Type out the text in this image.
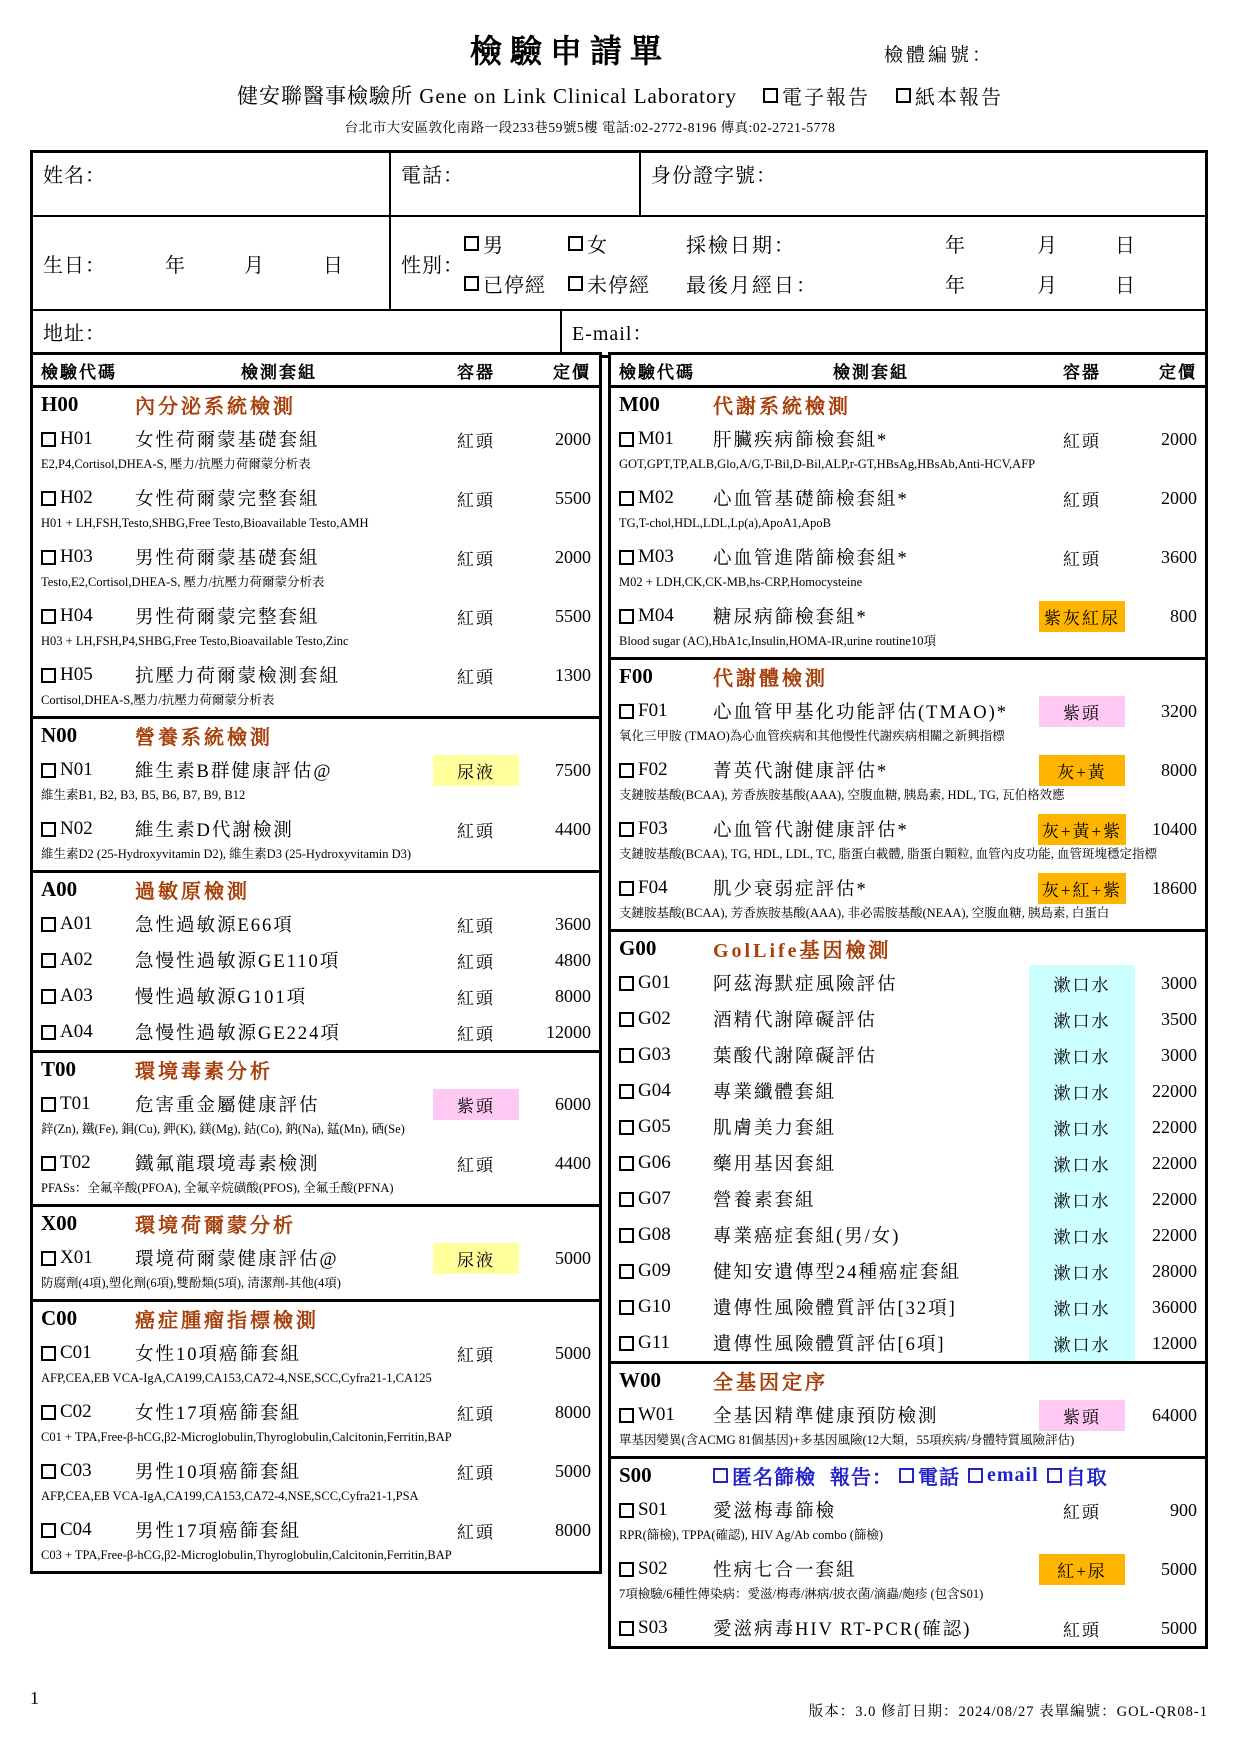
檢驗申請單	檢體編號：
健安聯醫事檢驗所 Gene on Link Clinical Laboratory 電子報告 紙本報告
台北市大安區敦化南路一段233巷59號5樓 電話:02-2772-8196 傳真:02-2721-5778
姓名：	電話：	身份證字號：
生日：	年	月	日	性別：
男	女	採檢日期：	年	月	日
已停經 未停經 最後月經日：	年	月	日
地址：	E-mail：
檢驗代碼	檢測套組	容器	定價
H00	內分泌系統檢測
H01 女性荷爾蒙基礎套組	紅頭	2000
E2,P4,Cortisol,DHEA-S, 壓力/抗壓力荷爾蒙分析表
H02 女性荷爾蒙完整套組	紅頭	5500
H01 + LH,FSH,Testo,SHBG,Free Testo,Bioavailable Testo,AMH
H03 男性荷爾蒙基礎套組	紅頭	2000
Testo,E2,Cortisol,DHEA-S, 壓力/抗壓力荷爾蒙分析表
H04 男性荷爾蒙完整套組	紅頭	5500
H03 + LH,FSH,P4,SHBG,Free Testo,Bioavailable Testo,Zinc
H05 抗壓力荷爾蒙檢測套組	紅頭	1300
Cortisol,DHEA-S,壓力/抗壓力荷爾蒙分析表
N00	營養系統檢測
N01 維生素B群健康評估@	尿液	7500
維生素B1, B2, B3, B5, B6, B7, B9, B12
N02 維生素D代謝檢測	紅頭	4400
維生素D2 (25-Hydroxyvitamin D2), 維生素D3 (25-Hydroxyvitamin D3)
A00	過敏原檢測
A01 急性過敏源E66項	紅頭	3600
A02 急慢性過敏源GE110項	紅頭	4800
A03 慢性過敏源G101項	紅頭	8000
A04 急慢性過敏源GE224項	紅頭	12000
T00	環境毒素分析
T01 危害重金屬健康評估	紫頭	6000
鋅(Zn), 鐵(Fe), 銅(Cu), 鉀(K), 鎂(Mg), 鈷(Co), 鈉(Na), 錳(Mn), 硒(Se)
T02 鐵氟龍環境毒素檢測	紅頭	4400
PFASs：全氟辛酸(PFOA), 全氟辛烷磺酸(PFOS), 全氟壬酸(PFNA)
X00	環境荷爾蒙分析
X01 環境荷爾蒙健康評估@	尿液	5000
防腐劑(4項),塑化劑(6項),雙酚類(5項), 清潔劑-其他(4項)
C00	癌症腫瘤指標檢測
C01 女性10項癌篩套組	紅頭	5000
AFP,CEA,EB VCA-IgA,CA199,CA153,CA72-4,NSE,SCC,Cyfra21-1,CA125
C02 女性17項癌篩套組	紅頭	8000
C01 + TPA,Free-β-hCG,β2-Microglobulin,Thyroglobulin,Calcitonin,Ferritin,BAP
C03 男性10項癌篩套組	紅頭	5000
AFP,CEA,EB VCA-IgA,CA199,CA153,CA72-4,NSE,SCC,Cyfra21-1,PSA
C04 男性17項癌篩套組	紅頭	8000
C03 + TPA,Free-β-hCG,β2-Microglobulin,Thyroglobulin,Calcitonin,Ferritin,BAP
檢驗代碼	檢測套組	容器	定價
M00	代謝系統檢測
M01 肝臟疾病篩檢套組*	紅頭	2000
GOT,GPT,TP,ALB,Glo,A/G,T-Bil,D-Bil,ALP,r-GT,HBsAg,HBsAb,Anti-HCV,AFP
M02 心血管基礎篩檢套組*	紅頭	2000
TG,T-chol,HDL,LDL,Lp(a),ApoA1,ApoB
M03 心血管進階篩檢套組*	紅頭	3600
M02 + LDH,CK,CK-MB,hs-CRP,Homocysteine
M04 糖尿病篩檢套組*	紫灰紅尿	800
Blood sugar (AC),HbA1c,Insulin,HOMA-IR,urine routine10項
F00	代謝體檢測
F01 心血管甲基化功能評估(TMAO)*	紫頭	3200
氧化三甲胺 (TMAO)為心血管疾病和其他慢性代謝疾病相關之新興指標
F02 菁英代謝健康評估*	灰+黃	8000
支鏈胺基酸(BCAA), 芳香族胺基酸(AAA), 空腹血糖, 胰島素, HDL, TG, 瓦伯格效應
F03 心血管代謝健康評估*	灰+黃+紫	10400
支鏈胺基酸(BCAA), TG, HDL, LDL, TC, 脂蛋白載體, 脂蛋白顆粒, 血管內皮功能, 血管斑塊穩定指標
F04 肌少衰弱症評估*	灰+紅+紫	18600
支鏈胺基酸(BCAA), 芳香族胺基酸(AAA), 非必需胺基酸(NEAA), 空腹血糖, 胰島素, 白蛋白
G00	GolLife基因檢測
G01 阿茲海默症風險評估	漱口水	3000
G02 酒精代謝障礙評估	漱口水	3500
G03 葉酸代謝障礙評估	漱口水	3000
G04 專業纖體套組	漱口水	22000
G05 肌膚美力套組	漱口水	22000
G06 藥用基因套組	漱口水	22000
G07 營養素套組	漱口水	22000
G08 專業癌症套組(男/女)	漱口水	22000
G09 健知安遺傳型24種癌症套組	漱口水	28000
G10 遺傳性風險體質評估[32項]	漱口水	36000
G11 遺傳性風險體質評估[6項]	漱口水	12000
W00	全基因定序
W01 全基因精準健康預防檢測	紫頭	64000
單基因變異(含ACMG 81個基因)+多基因風險(12大類，55項疾病/身體特質風險評估)
S00	匿名篩檢 報告： 電話 email 自取
S01 愛滋梅毒篩檢	紅頭	900
RPR(篩檢), TPPA(確認), HIV Ag/Ab combo (篩檢)
S02 性病七合一套組	紅+尿	5000
7項檢驗/6種性傳染病：愛滋/梅毒/淋病/披衣菌/滴蟲/皰疹 (包含S01)
S03 愛滋病毒HIV RT-PCR(確認)	紅頭	5000
1
版本：3.0 修訂日期：2024/08/27 表單編號：GOL-QR08-1
